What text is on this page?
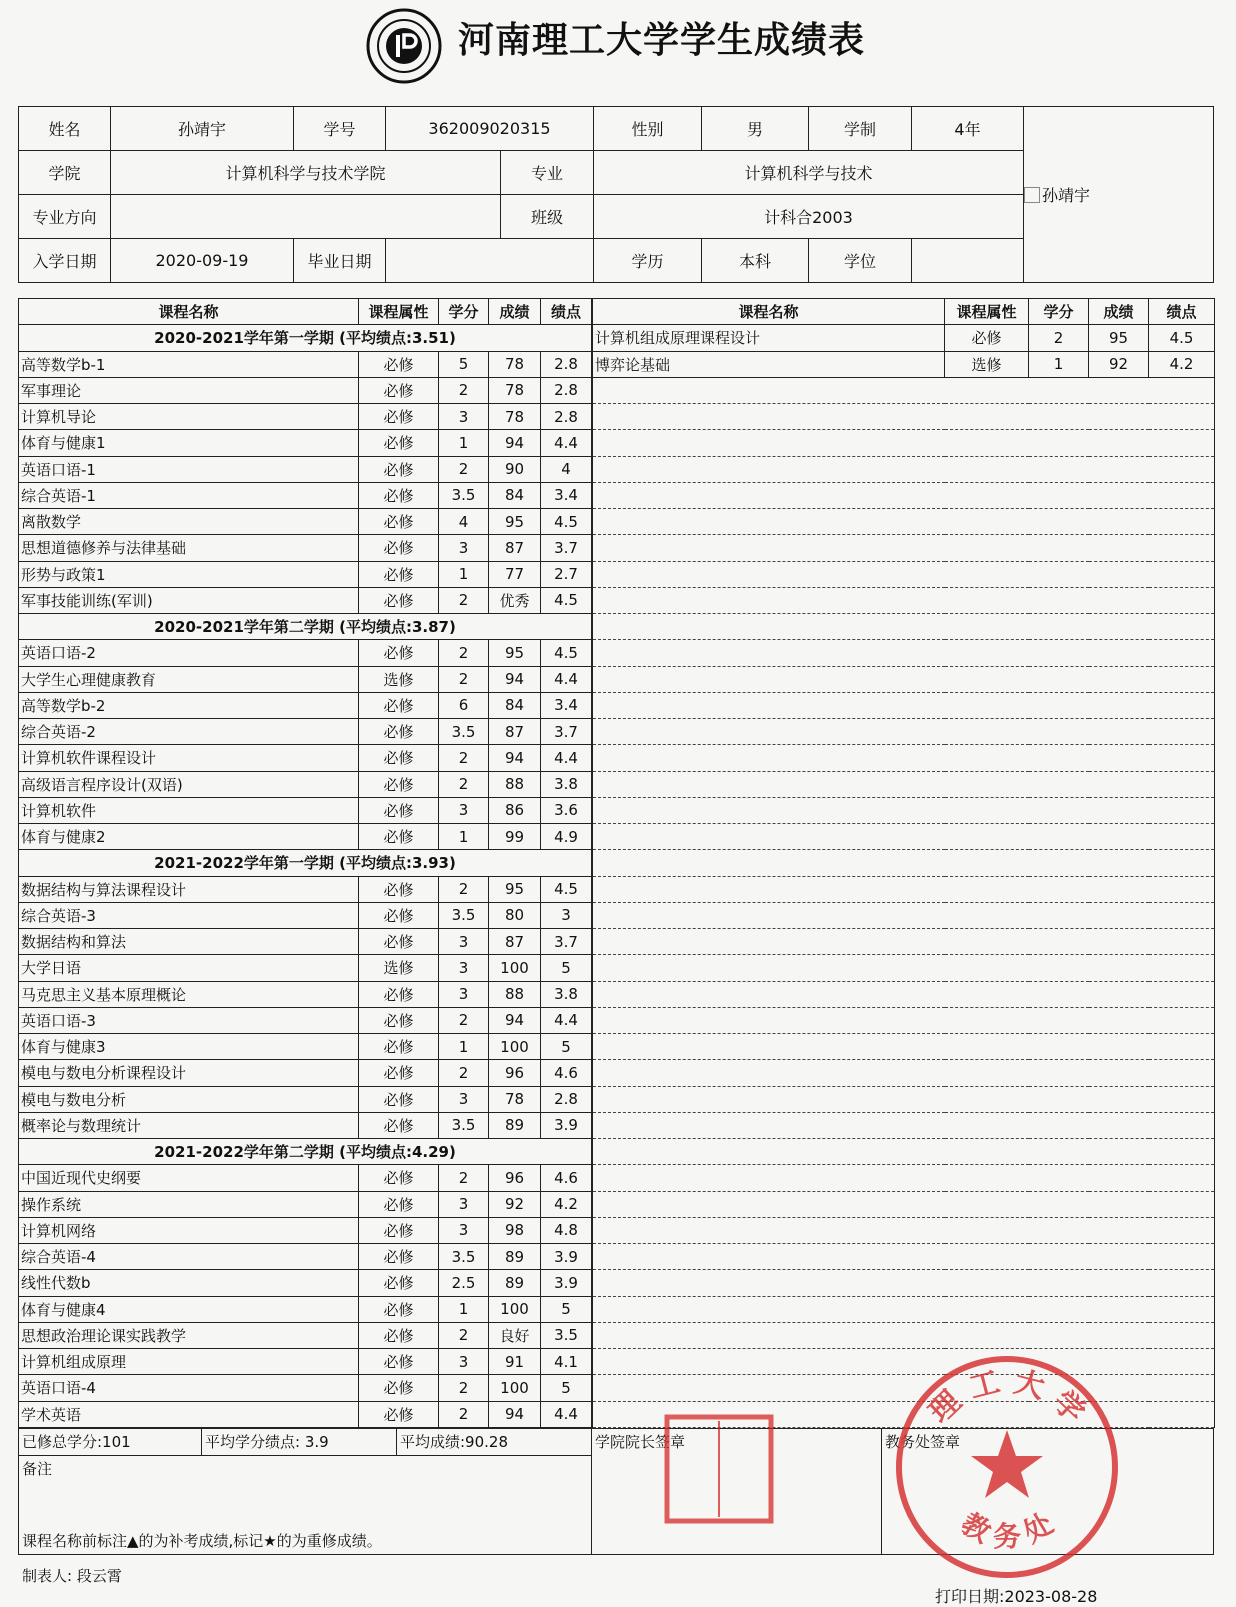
河南理工大学学生成绩表
姓名	孙靖宇	学号	362009020315		性别	男	学制	4年	孙靖宇
学院	计算机科学与技术学院			专业	计算机科学与技术				
专业方向				班级	计科合2003				
入学日期	2020-09-19	毕业日期			学历	本科	学位		
课程名称	课程属性	学分	成绩	绩点
2020-2021学年第一学期 (平均绩点:3.51)				
高等数学b-1	必修	5	78	2.8
军事理论	必修	2	78	2.8
计算机导论	必修	3	78	2.8
体育与健康1	必修	1	94	4.4
英语口语-1	必修	2	90	4
综合英语-1	必修	3.5	84	3.4
离散数学	必修	4	95	4.5
思想道德修养与法律基础	必修	3	87	3.7
形势与政策1	必修	1	77	2.7
军事技能训练(军训)	必修	2	优秀	4.5
2020-2021学年第二学期 (平均绩点:3.87)				
英语口语-2	必修	2	95	4.5
大学生心理健康教育	选修	2	94	4.4
高等数学b-2	必修	6	84	3.4
综合英语-2	必修	3.5	87	3.7
计算机软件课程设计	必修	2	94	4.4
高级语言程序设计(双语)	必修	2	88	3.8
计算机软件	必修	3	86	3.6
体育与健康2	必修	1	99	4.9
2021-2022学年第一学期 (平均绩点:3.93)				
数据结构与算法课程设计	必修	2	95	4.5
综合英语-3	必修	3.5	80	3
数据结构和算法	必修	3	87	3.7
大学日语	选修	3	100	5
马克思主义基本原理概论	必修	3	88	3.8
英语口语-3	必修	2	94	4.4
体育与健康3	必修	1	100	5
模电与数电分析课程设计	必修	2	96	4.6
模电与数电分析	必修	3	78	2.8
概率论与数理统计	必修	3.5	89	3.9
2021-2022学年第二学期 (平均绩点:4.29)				
中国近现代史纲要	必修	2	96	4.6
操作系统	必修	3	92	4.2
计算机网络	必修	3	98	4.8
综合英语-4	必修	3.5	89	3.9
线性代数b	必修	2.5	89	3.9
体育与健康4	必修	1	100	5
思想政治理论课实践教学	必修	2	良好	3.5
计算机组成原理	必修	3	91	4.1
英语口语-4	必修	2	100	5
学术英语	必修	2	94	4.4
课程名称	课程属性	学分	成绩	绩点
计算机组成原理课程设计	必修	2	95	4.5
博弈论基础	选修	1	92	4.2

已修总学分:101	平均学分绩点: 3.9	平均成绩:90.28	学院院长签章	教务处签章
备注
课程名称前标注▲的为补考成绩,标记★的为重修成绩。
制表人: 段云霄
打印日期:2023-08-28
理 工 大 学
教 务 处
